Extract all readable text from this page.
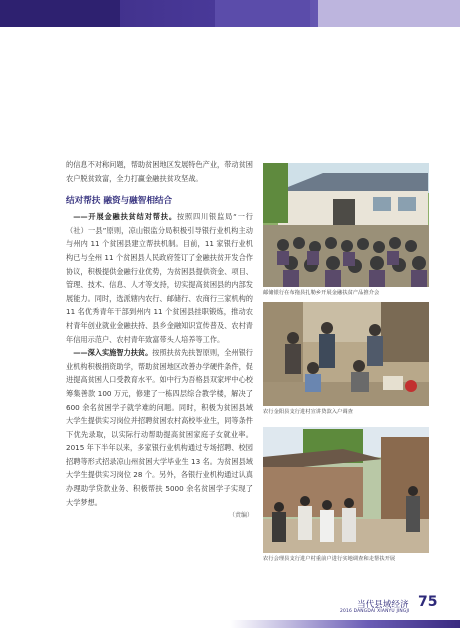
的信息不对称问题，帮助贫困地区发展特色产业，带动贫困农户脱贫致富，全力打赢金融扶贫攻坚战。

结对帮扶 融资与融智相结合

——开展金融扶贫结对帮扶。按照四川银监局“一行（社）一县”原则，凉山银监分局积极引导银行业机构主动与州内 11 个贫困县建立帮扶机制。目前，11 家银行业机构已与全州 11 个贫困县人民政府签订了金融扶贫开发合作协议，积极提供金融行业优势，为贫困县提供资金、项目、管理、技术、信息、人才等支持，切实提高贫困县的内部发展能力。同时，选派辖内农行、邮储行、农商行三家机构的 11 名优秀青年干部到州内 11 个贫困县挂职锻炼，推动农村青年创业就业金融扶持、县乡金融知识宣传普及、农村青年信用示范户、农村青年致富带头人培养等工作。

——深入实施智力扶贫。按照扶贫先扶智原则，全州银行业机构积极捐资助学，帮助贫困地区改善办学硬件条件，促进提高贫困人口受教育水平。如中行为吾格县双家坪中心校筹集善款 100 万元，修建了一栋四层综合教学楼，解决了 600 余名贫困学子就学难的问题。同时，积极为贫困县域大学生提供实习岗位并招聘贫困农村高校毕业生，同等条件下优先录取，以实际行动帮助提高贫困家庭子女就业率。2015 年下半年以来，多家银行业机构通过专场招聘、校园招聘等形式招录凉山州贫困大学毕业生 13 名。为贫困县域大学生提供实习岗位 28 个。另外，各银行业机构通过认真办理助学贷款业务、积极帮扶 5000 余名贫困学子实现了大学梦想。

（责编）
邮储银行在布拖县扎勒乡开展金融扶贫产品推介会
农行金阳县支行进村宣讲贷款入户调查
农行会理县支行进户村重前户进行实地调查和走帮扶开展
当代县域经济
2016 DANGDAI XIANYU JINGJI
75
